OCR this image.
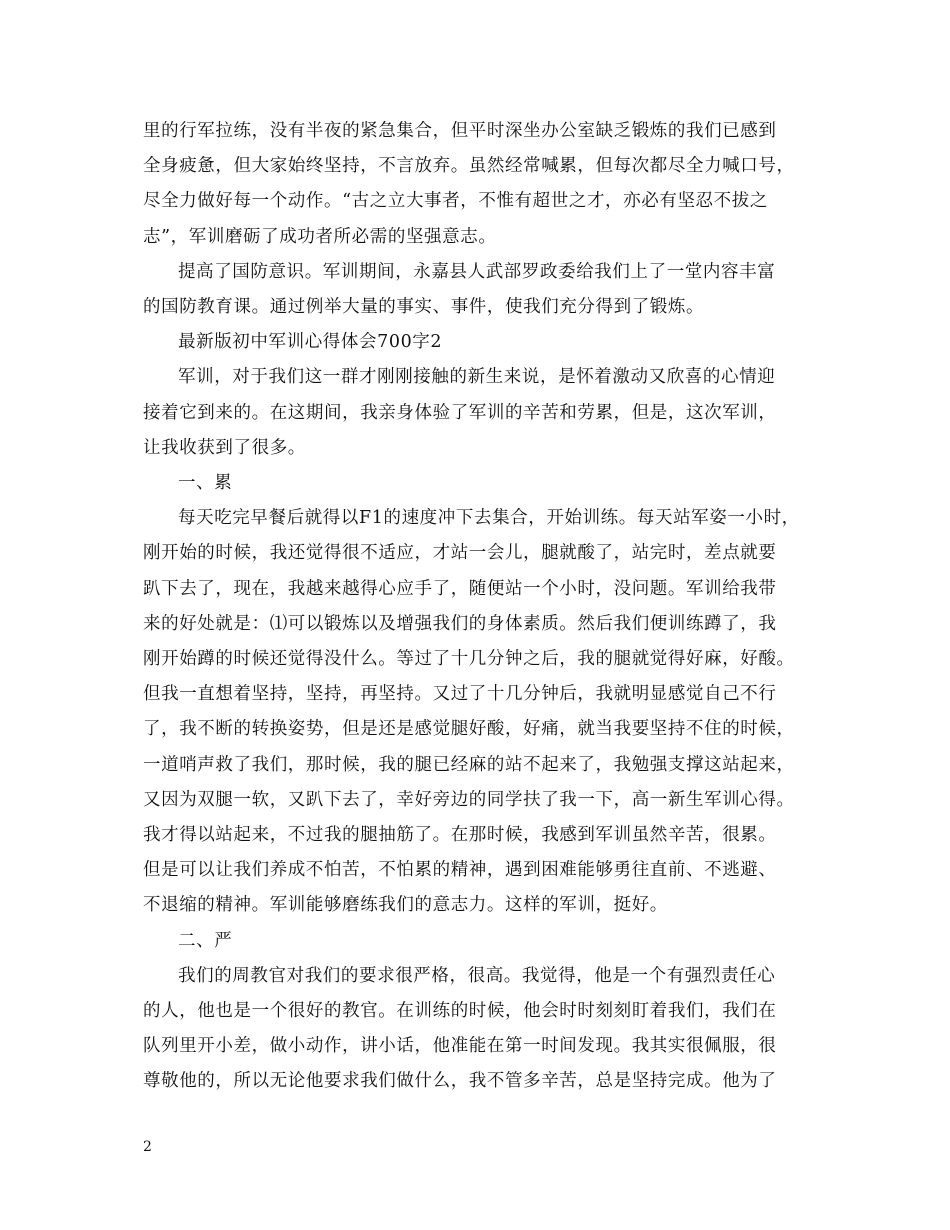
里的行军拉练，没有半夜的紧急集合，但平时深坐办公室缺乏锻炼的我们已感到
全身疲惫，但大家始终坚持，不言放弃。虽然经常喊累，但每次都尽全力喊口号，
尽全力做好每一个动作。“古之立大事者，不惟有超世之才，亦必有坚忍不拔之
志”，军训磨砺了成功者所必需的坚强意志。
提高了国防意识。军训期间，永嘉县人武部罗政委给我们上了一堂内容丰富
的国防教育课。通过例举大量的事实、事件，使我们充分得到了锻炼。
最新版初中军训心得体会700字2
军训，对于我们这一群才刚刚接触的新生来说，是怀着激动又欣喜的心情迎
接着它到来的。在这期间，我亲身体验了军训的辛苦和劳累，但是，这次军训，
让我收获到了很多。
一、累
每天吃完早餐后就得以F1的速度冲下去集合，开始训练。每天站军姿一小时，
刚开始的时候，我还觉得很不适应，才站一会儿，腿就酸了，站完时，差点就要
趴下去了，现在，我越来越得心应手了，随便站一个小时，没问题。军训给我带
来的好处就是：⑴可以锻炼以及增强我们的身体素质。然后我们便训练蹲了，我
刚开始蹲的时候还觉得没什么。等过了十几分钟之后，我的腿就觉得好麻，好酸。
但我一直想着坚持，坚持，再坚持。又过了十几分钟后，我就明显感觉自己不行
了，我不断的转换姿势，但是还是感觉腿好酸，好痛，就当我要坚持不住的时候，
一道哨声救了我们，那时候，我的腿已经麻的站不起来了，我勉强支撑这站起来，
又因为双腿一软，又趴下去了，幸好旁边的同学扶了我一下，高一新生军训心得。
我才得以站起来，不过我的腿抽筋了。在那时候，我感到军训虽然辛苦，很累。
但是可以让我们养成不怕苦，不怕累的精神，遇到困难能够勇往直前、不逃避、
不退缩的精神。军训能够磨练我们的意志力。这样的军训，挺好。
二、严
我们的周教官对我们的要求很严格，很高。我觉得，他是一个有强烈责任心
的人，他也是一个很好的教官。在训练的时候，他会时时刻刻盯着我们，我们在
队列里开小差，做小动作，讲小话，他准能在第一时间发现。我其实很佩服，很
尊敬他的，所以无论他要求我们做什么，我不管多辛苦，总是坚持完成。他为了
2
